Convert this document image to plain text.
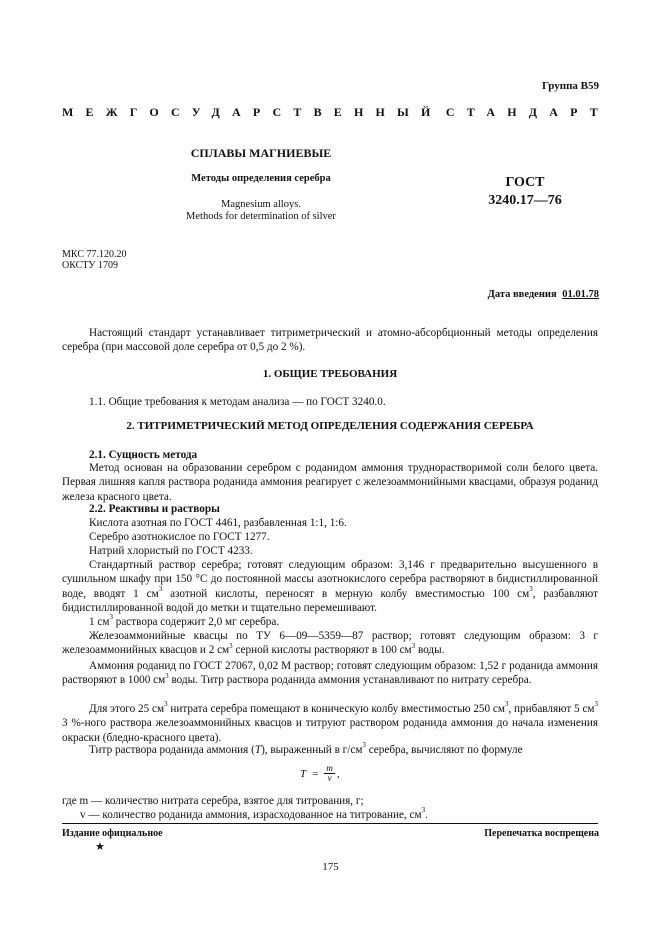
Группа В59
МЕЖГОСУДАРСТВЕННЫЙ СТАНДАРТ
СПЛАВЫ МАГНИЕВЫЕ
Методы определения серебра
Magnesium alloys.
Methods for determination of silver
ГОСТ
3240.17—76
МКС 77.120.20
ОКСТУ 1709
Дата введения 01.01.78
Настоящий стандарт устанавливает титриметрический и атомно-абсорбционный методы определения серебра (при массовой доле серебра от 0,5 до 2 %).
1. ОБЩИЕ ТРЕБОВАНИЯ
1.1. Общие требования к методам анализа — по ГОСТ 3240.0.
2. ТИТРИМЕТРИЧЕСКИЙ МЕТОД ОПРЕДЕЛЕНИЯ СОДЕРЖАНИЯ СЕРЕБРА
2.1. Сущность метода
Метод основан на образовании серебром с роданидом аммония труднорастворимой соли белого цвета. Первая лишняя капля раствора роданида аммония реагирует с железоаммонийными квасцами, образуя роданид железа красного цвета.
2.2. Реактивы и растворы
Кислота азотная по ГОСТ 4461, разбавленная 1:1, 1:6.
Серебро азотнокислое по ГОСТ 1277.
Натрий хлористый по ГОСТ 4233.
Стандартный раствор серебра; готовят следующим образом: 3,146 г предварительно высушенного в сушильном шкафу при 150 °С до постоянной массы азотнокислого серебра растворяют в бидистиллированной воде, вводят 1 $см^3$ азотной кислоты, переносят в мерную колбу вместимостью 100 $см^3$, разбавляют бидистиллированной водой до метки и тщательно перемешивают.
1 $см^3$ раствора содержит 2,0 мг серебра.
Железоаммонийные квасцы по ТУ 6—09—5359—87 раствор; готовят следующим образом: 3 г железоаммонийных квасцов и 2 $см^3$ серной кислоты растворяют в 100 $см^3$ воды.
Аммония роданид по ГОСТ 27067, 0,02 М раствор; готовят следующим образом: 1,52 г роданида аммония растворяют в 1000 $см^3$ воды. Титр раствора роданида аммония устанавливают по нитрату серебра.
Для этого 25 $см^3$ нитрата серебра помещают в коническую колбу вместимостью 250 $см^3$, прибавляют 5 $см^3$ 3 %-ного раствора железоаммонийных квасцов и титруют раствором роданида аммония до начала изменения окраски (бледно-красного цвета).
Титр раствора роданида аммония (T), выраженный в $г/см^3$ серебра, вычисляют по формуле
$T = \frac{m}{v}$ ,
где m — количество нитрата серебра, взятое для титрования, г;
v — количество роданида аммония, израсходованное на титрование, $см^3$.
Издание официальное	Перепечатка воспрещена
★
175
